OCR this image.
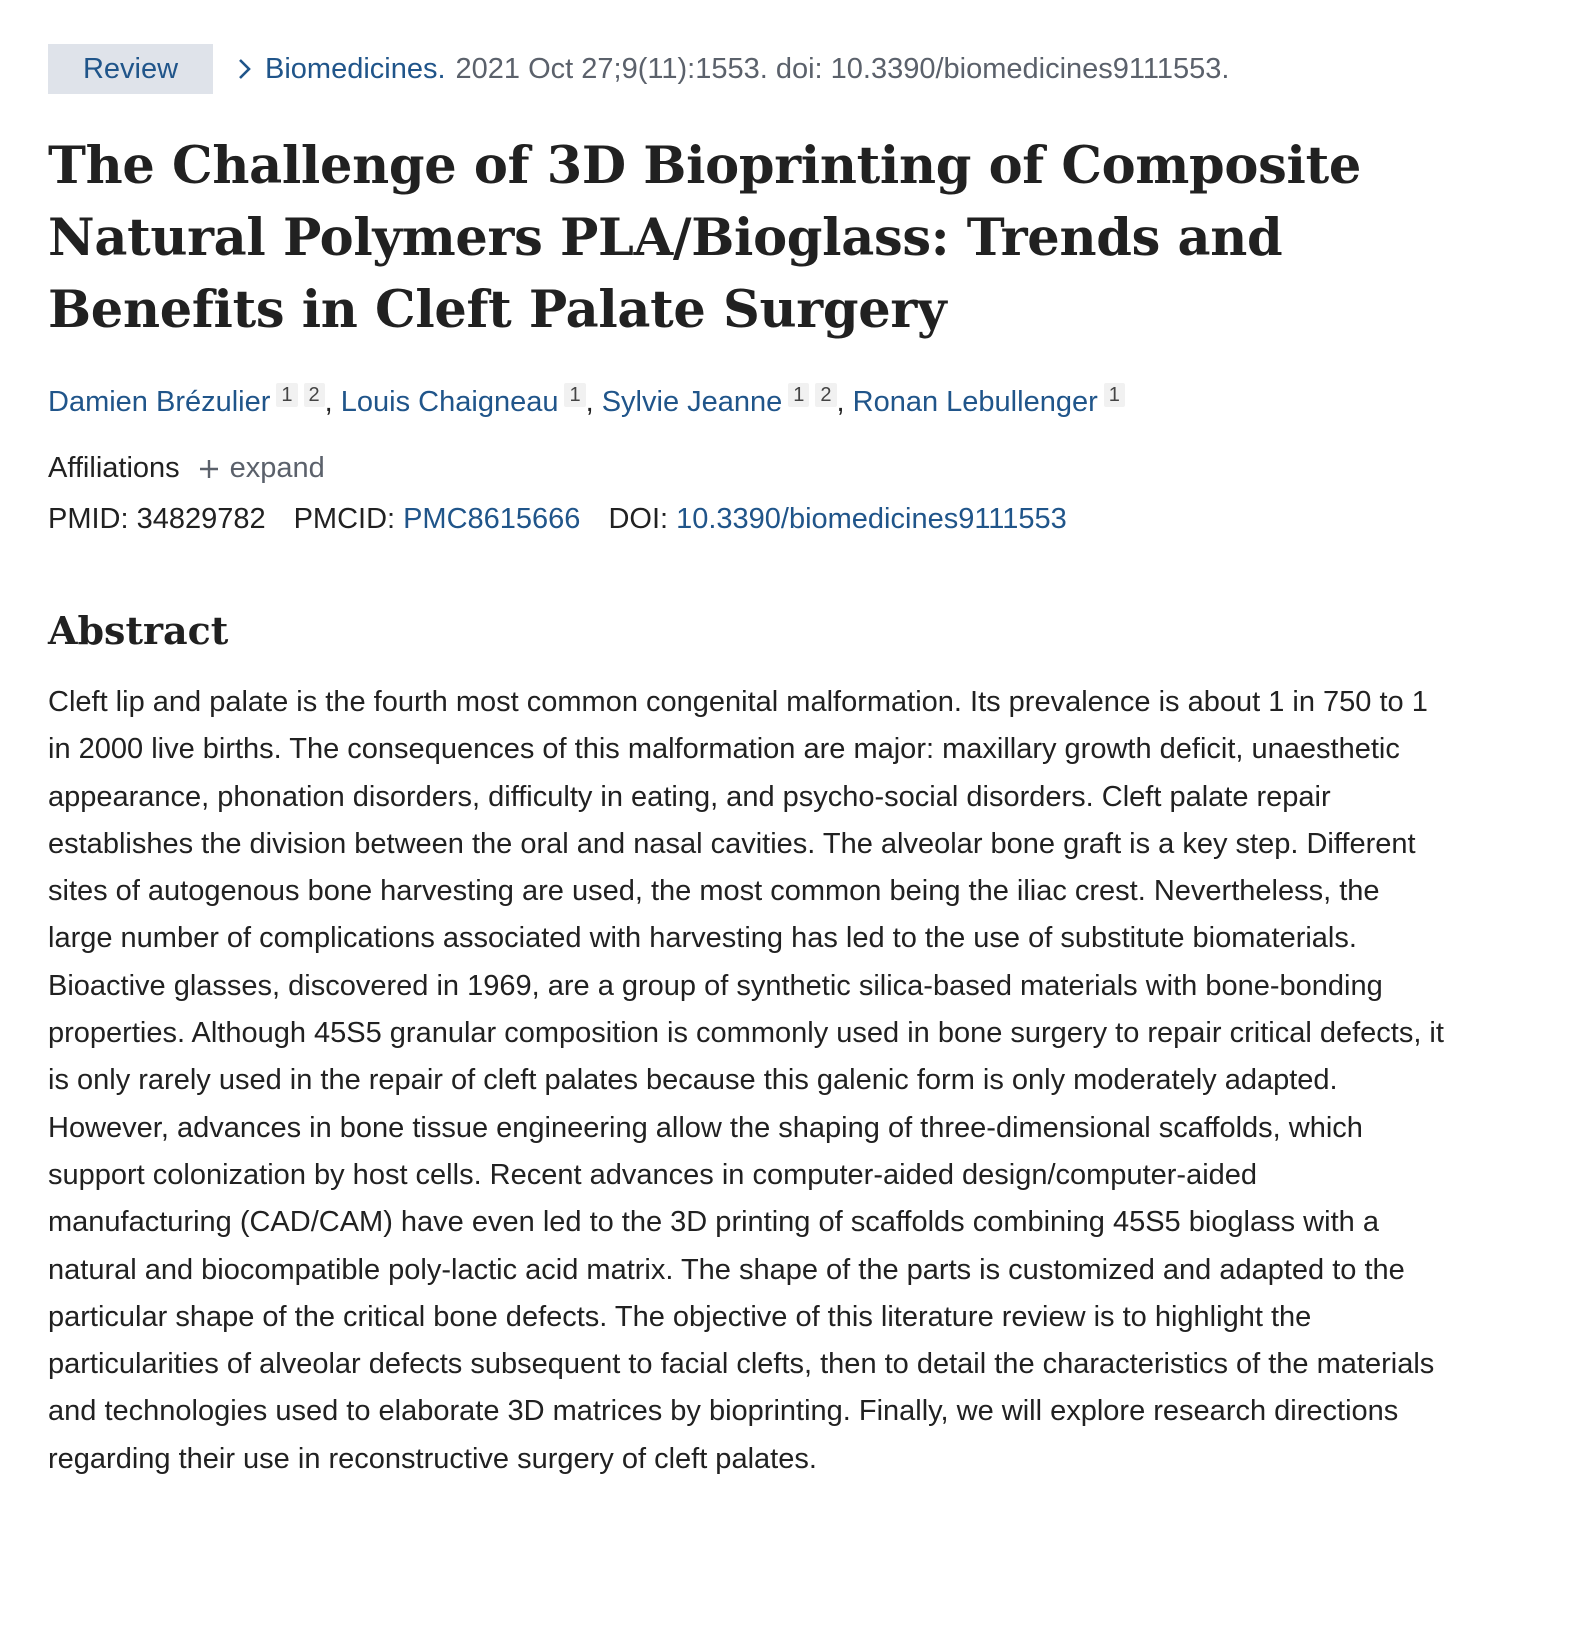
Review	Biomedicines. 2021 Oct 27;9(11):1553. doi: 10.3390/biomedicines9111553.
The Challenge of 3D Bioprinting of Composite Natural Polymers PLA/Bioglass: Trends and Benefits in Cleft Palate Surgery
Damien Brézulier 1 2 , Louis Chaigneau 1 , Sylvie Jeanne 1 2 , Ronan Lebullenger 1
Affiliations expand
PMID: 34829782 PMCID: PMC8615666 DOI: 10.3390/biomedicines9111553
Abstract
Cleft lip and palate is the fourth most common congenital malformation. Its prevalence is about 1 in 750 to 1 in 2000 live births. The consequences of this malformation are major: maxillary growth deficit, unaesthetic appearance, phonation disorders, difficulty in eating, and psycho-social disorders. Cleft palate repair establishes the division between the oral and nasal cavities. The alveolar bone graft is a key step. Different sites of autogenous bone harvesting are used, the most common being the iliac crest. Nevertheless, the large number of complications associated with harvesting has led to the use of substitute biomaterials. Bioactive glasses, discovered in 1969, are a group of synthetic silica-based materials with bone-bonding properties. Although 45S5 granular composition is commonly used in bone surgery to repair critical defects, it is only rarely used in the repair of cleft palates because this galenic form is only moderately adapted. However, advances in bone tissue engineering allow the shaping of three-dimensional scaffolds, which support colonization by host cells. Recent advances in computer-aided design/computer-aided manufacturing (CAD/CAM) have even led to the 3D printing of scaffolds combining 45S5 bioglass with a natural and biocompatible poly-lactic acid matrix. The shape of the parts is customized and adapted to the particular shape of the critical bone defects. The objective of this literature review is to highlight the particularities of alveolar defects subsequent to facial clefts, then to detail the characteristics of the materials and technologies used to elaborate 3D matrices by bioprinting. Finally, we will explore research directions regarding their use in reconstructive surgery of cleft palates.
